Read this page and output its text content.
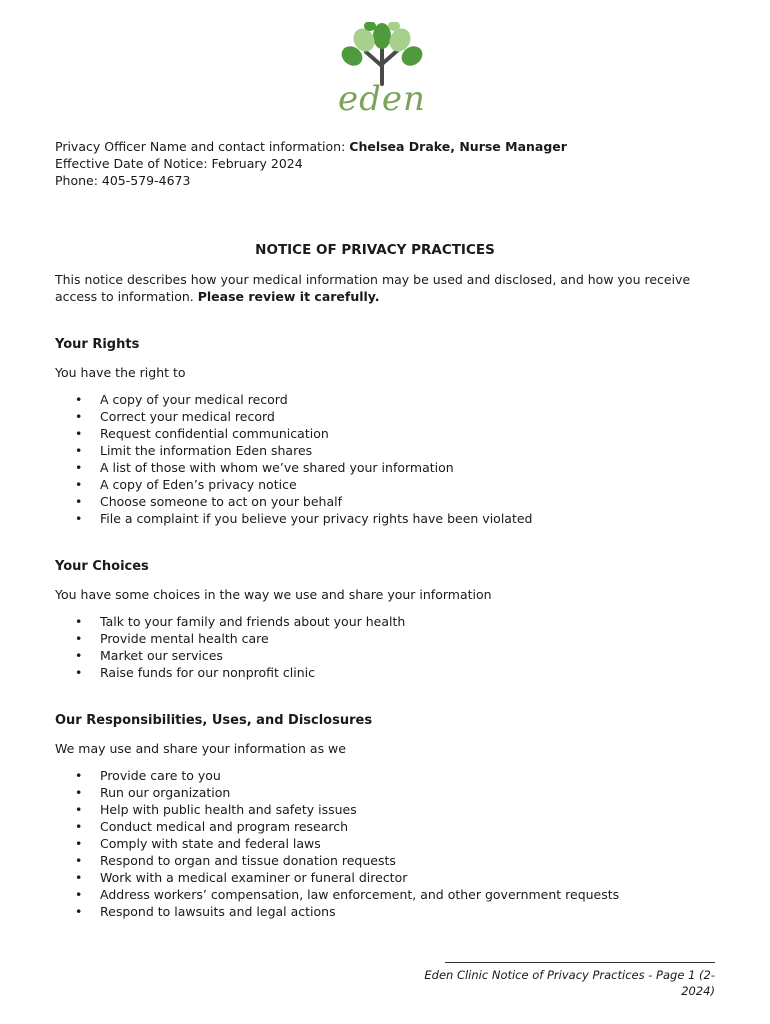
eden

Privacy Officer Name and contact information: Chelsea Drake, Nurse Manager

Effective Date of Notice: February 2024

Phone: 405-579-4673

NOTICE OF PRIVACY PRACTICES

This notice describes how your medical information may be used and disclosed, and how you receive access to information. Please review it carefully.

Your Rights

You have the right to

• A copy of your medical record
• Correct your medical record
• Request confidential communication
• Limit the information Eden shares
• A list of those with whom we’ve shared your information
• A copy of Eden’s privacy notice
• Choose someone to act on your behalf
• File a complaint if you believe your privacy rights have been violated
Your Choices

You have some choices in the way we use and share your information

• Talk to your family and friends about your health
• Provide mental health care
• Market our services
• Raise funds for our nonprofit clinic
Our Responsibilities, Uses, and Disclosures

We may use and share your information as we

• Provide care to you
• Run our organization
• Help with public health and safety issues
• Conduct medical and program research
• Comply with state and federal laws
• Respond to organ and tissue donation requests
• Work with a medical examiner or funeral director
• Address workers’ compensation, law enforcement, and other government requests
• Respond to lawsuits and legal actions
Eden Clinic Notice of Privacy Practices - Page 1 (2-2024)
